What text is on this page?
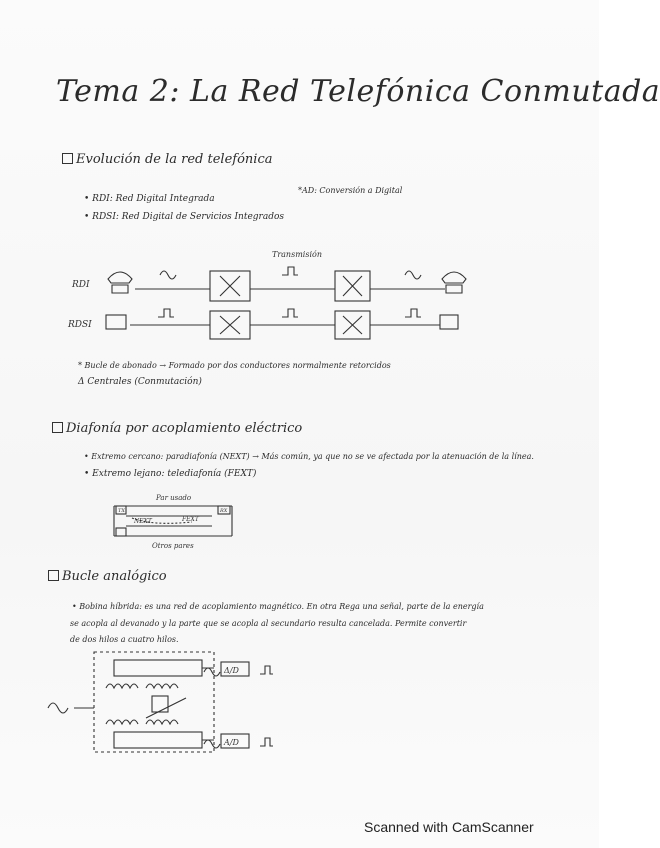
Tema 2: La Red Telefónica Conmutada
Evolución de la red telefónica
• RDI: Red Digital Integrada
• RDSI: Red Digital de Servicios Integrados
*AD: Conversión a Digital
RDI
RDSI
Transmisión
* Bucle de abonado → Formado por dos conductores normalmente retorcidos
Δ Centrales (Conmutación)
Diafonía por acoplamiento eléctrico
• Extremo cercano: paradiafonía (NEXT) → Más común, ya que no se ve afectada por la atenuación de la línea.
• Extremo lejano: telediafonía (FEXT)
Par usado
Otros pares
TX	RX
NEXT	FEXT
Bucle analógico
• Bobina híbrida: es una red de acoplamiento magnético. En otra Rega una señal, parte de la energía
se acopla al devanado y la parte que se acopla al secundario resulta cancelada. Permite convertir
de dos hilos a cuatro hilos.
Δ/D
A/D
Scanned with CamScanner
